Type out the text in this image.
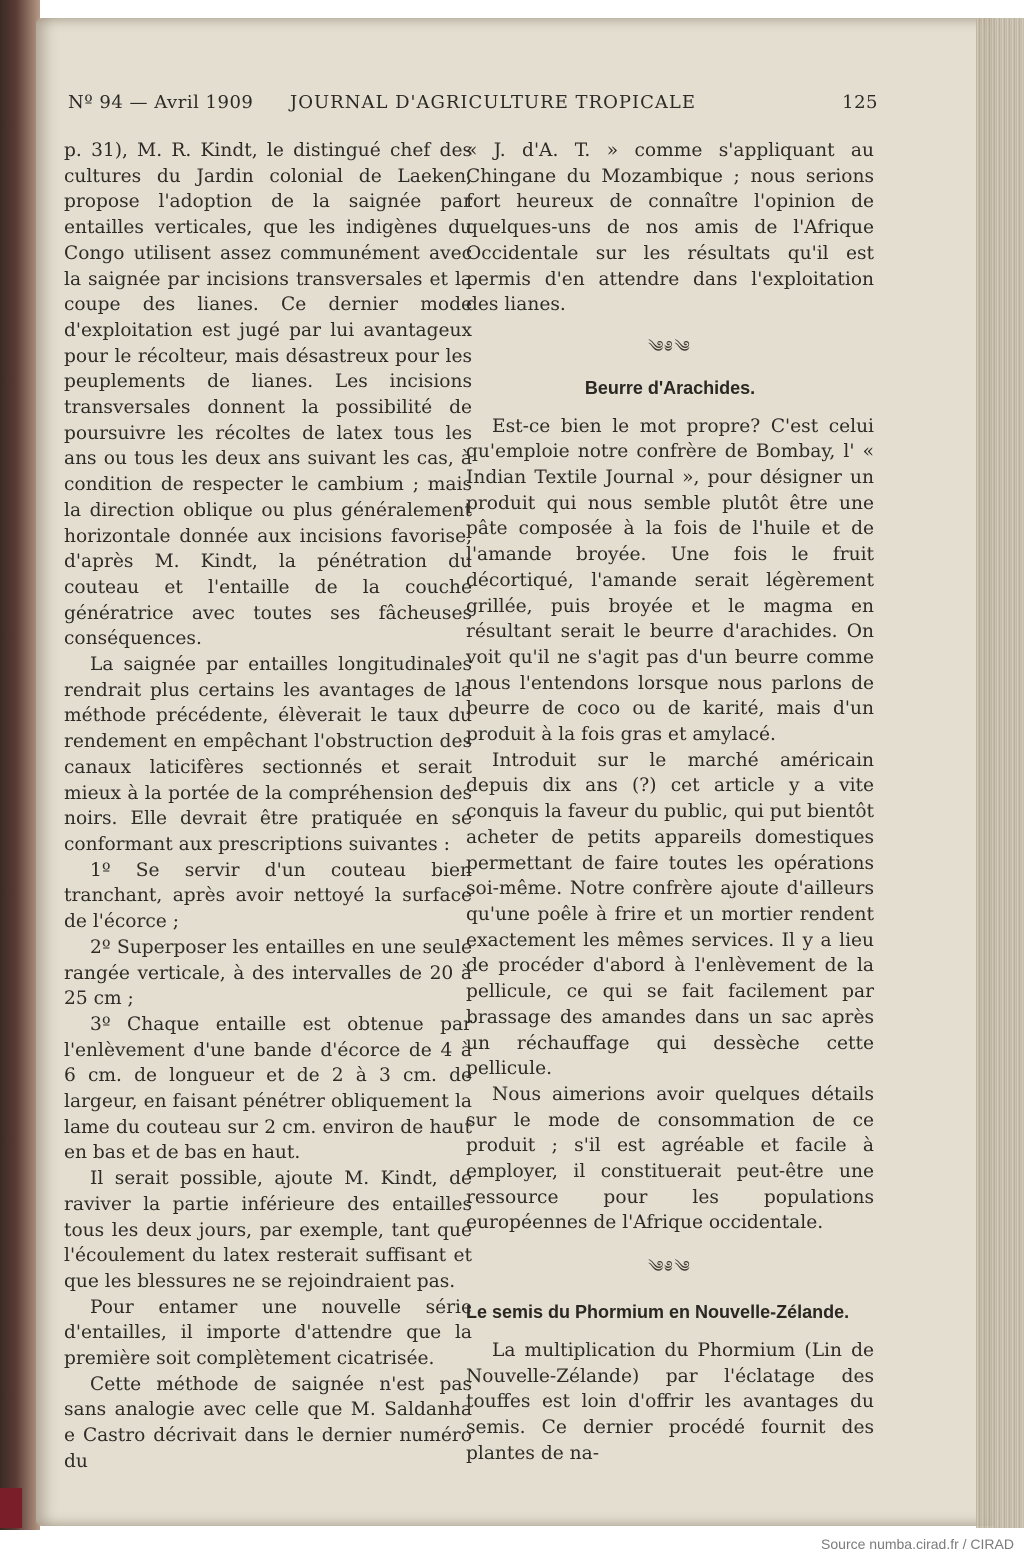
Nº 94 — Avril 1909 JOURNAL D'AGRICULTURE TROPICALE	125

p. 31), M. R. Kindt, le distingué chef des cultures du Jardin colonial de Laeken, propose l'adoption de la saignée par entailles verticales, que les indigènes du Congo utilisent assez communément avec la saignée par incisions transversales et la coupe des lianes. Ce dernier mode d'exploitation est jugé par lui avantageux pour le récolteur, mais désastreux pour les peuplements de lianes. Les incisions transversales donnent la possibilité de poursuivre les récoltes de latex tous les ans ou tous les deux ans suivant les cas, à condition de respecter le cambium ; mais la direction oblique ou plus généralement horizontale donnée aux incisions favorise, d'après M. Kindt, la pénétration du couteau et l'entaille de la couche génératrice avec toutes ses fâcheuses conséquences.

La saignée par entailles longitudinales rendrait plus certains les avantages de la méthode précédente, élèverait le taux du rendement en empêchant l'obstruction des canaux laticifères sectionnés et serait mieux à la portée de la compréhension des noirs. Elle devrait être pratiquée en se conformant aux prescriptions suivantes :

1º Se servir d'un couteau bien tranchant, après avoir nettoyé la surface de l'écorce ;

2º Superposer les entailles en une seule rangée verticale, à des intervalles de 20 à 25 cm ;

3º Chaque entaille est obtenue par l'enlèvement d'une bande d'écorce de 4 à 6 cm. de longueur et de 2 à 3 cm. de largeur, en faisant pénétrer obliquement la lame du couteau sur 2 cm. environ de haut en bas et de bas en haut.

Il serait possible, ajoute M. Kindt, de raviver la partie inférieure des entailles tous les deux jours, par exemple, tant que l'écoulement du latex resterait suffisant et que les blessures ne se rejoindraient pas.

Pour entamer une nouvelle série d'entailles, il importe d'attendre que la première soit complètement cicatrisée.

Cette méthode de saignée n'est pas sans analogie avec celle que M. Saldanha e Castro décrivait dans le dernier numéro du

« J. d'A. T. » comme s'appliquant au Chingane du Mozambique ; nous serions fort heureux de connaître l'opinion de quelques-uns de nos amis de l'Afrique Occidentale sur les résultats qu'il est permis d'en attendre dans l'exploitation des lianes.

༄༅༄
Beurre d'Arachides.

Est-ce bien le mot propre? C'est celui qu'emploie notre confrère de Bombay, l' « Indian Textile Journal », pour désigner un produit qui nous semble plutôt être une pâte composée à la fois de l'huile et de l'amande broyée. Une fois le fruit décortiqué, l'amande serait légèrement grillée, puis broyée et le magma en résultant serait le beurre d'arachides. On voit qu'il ne s'agit pas d'un beurre comme nous l'entendons lorsque nous parlons de beurre de coco ou de karité, mais d'un produit à la fois gras et amylacé.

Introduit sur le marché américain depuis dix ans (?) cet article y a vite conquis la faveur du public, qui put bientôt acheter de petits appareils domestiques permettant de faire toutes les opérations soi-même. Notre confrère ajoute d'ailleurs qu'une poêle à frire et un mortier rendent exactement les mêmes services. Il y a lieu de procéder d'abord à l'enlèvement de la pellicule, ce qui se fait facilement par brassage des amandes dans un sac après un réchauffage qui dessèche cette pellicule.

Nous aimerions avoir quelques détails sur le mode de consommation de ce produit ; s'il est agréable et facile à employer, il constituerait peut-être une ressource pour les populations européennes de l'Afrique occidentale.

༄༅༄
Le semis du Phormium en Nouvelle-Zélande.

La multiplication du Phormium (Lin de Nouvelle-Zélande) par l'éclatage des touffes est loin d'offrir les avantages du semis. Ce dernier procédé fournit des plantes de na-

Source numba.cirad.fr / CIRAD
